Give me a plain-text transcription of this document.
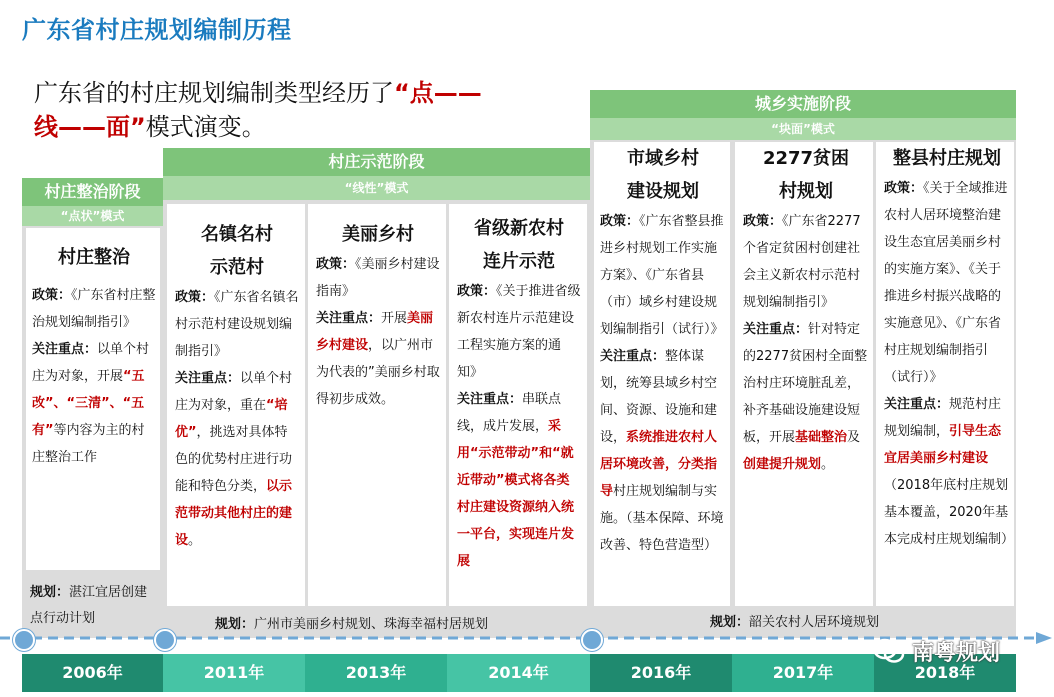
广东省村庄规划编制历程
广东省的村庄规划编制类型经历了“点——
线——面”模式演变。
村庄整治阶段
“点状”模式
村庄示范阶段
“线性”模式
城乡实施阶段
“块面”模式
村庄整治
政策：《广东省村庄整治规划编制指引》
关注重点：以单个村庄为对象，开展“五改”、“三清”、“五有”等内容为主的村庄整治工作
规划：湛江宜居创建点行动计划
名镇名村
示范村
政策：《广东省名镇名村示范村建设规划编制指引》
关注重点：以单个村庄为对象，重在“培优”，挑选对具体特色的优势村庄进行功能和特色分类，以示范带动其他村庄的建设。
美丽乡村
政策：《美丽乡村建设指南》
关注重点：开展美丽乡村建设，以广州市为代表的”美丽乡村取得初步成效。
省级新农村
连片示范
政策：《关于推进省级新农村连片示范建设工程实施方案的通知》
关注重点：串联点线，成片发展，采用“示范带动”和“就近带动”模式将各类村庄建设资源纳入统一平台，实现连片发展
规划：广州市美丽乡村规划、珠海幸福村居规划
市域乡村
建设规划
政策：《广东省整县推进乡村规划工作实施方案》、《广东省县（市）域乡村建设规划编制指引（试行）》
关注重点：整体谋划，统筹县域乡村空间、资源、设施和建设，系统推进农村人居环境改善，分类指导村庄规划编制与实施。（基本保障、环境改善、特色营造型）
2277贫困
村规划
政策：《广东省2277个省定贫困村创建社会主义新农村示范村规划编制指引》
关注重点：针对特定的2277贫困村全面整治村庄环境脏乱差，补齐基础设施建设短板，开展基础整治及创建提升规划。
整县村庄规划
政策：《关于全域推进农村人居环境整治建设生态宜居美丽乡村的实施方案》、《关于推进乡村振兴战略的实施意见》、《广东省村庄规划编制指引（试行）》
关注重点：规范村庄规划编制，引导生态宜居美丽乡村建设（2018年底村庄规划基本覆盖，2020年基本完成村庄规划编制）
规划：韶关农村人居环境规划
2006年	2011年	2013年	2014年	2016年	2017年	2018年
南粤规划
